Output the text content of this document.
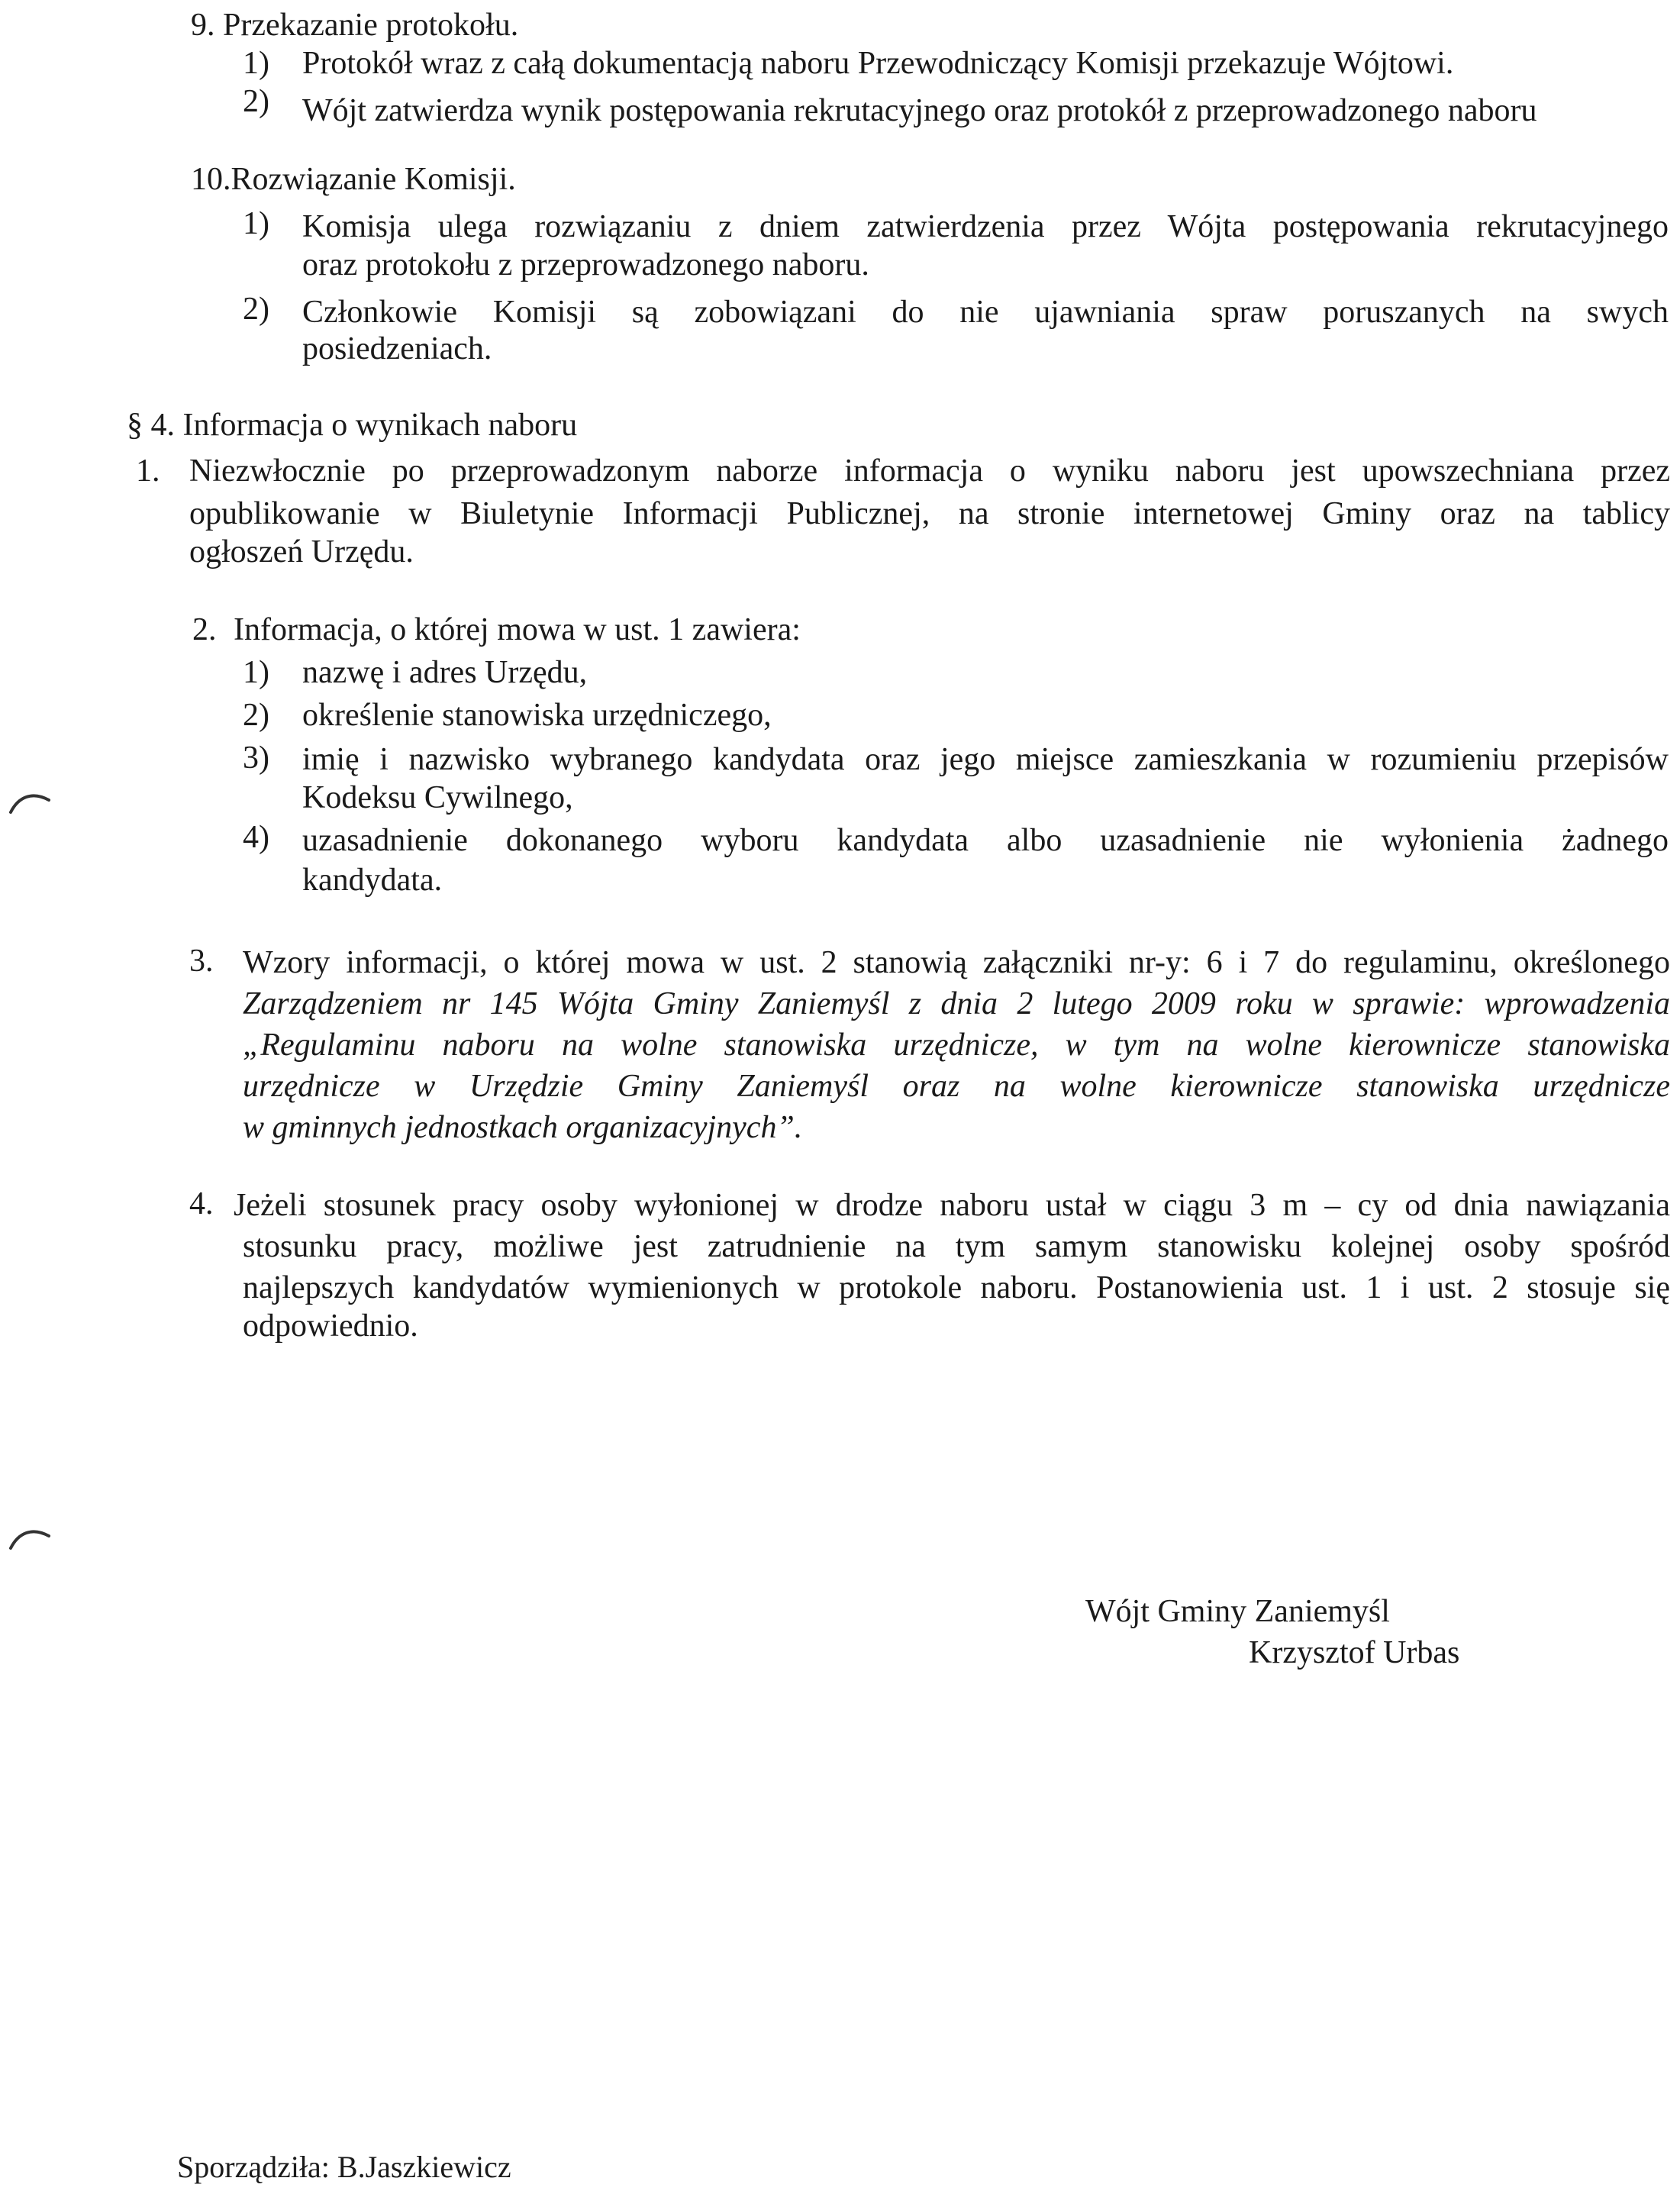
9. Przekazanie protokołu.
1) Protokół wraz z całą dokumentacją naboru Przewodniczący Komisji przekazuje Wójtowi.
2) Wójt zatwierdza wynik postępowania rekrutacyjnego oraz protokół z przeprowadzonego naboru
10.Rozwiązanie Komisji.
1) Komisja ulega rozwiązaniu z dniem zatwierdzenia przez Wójta postępowania rekrutacyjnego
oraz protokołu z przeprowadzonego naboru.
2) Członkowie Komisji są zobowiązani do nie ujawniania spraw poruszanych na swych
posiedzeniach.
§ 4. Informacja o wynikach naboru
1. Niezwłocznie po przeprowadzonym naborze informacja o wyniku naboru jest upowszechniana przez
opublikowanie w Biuletynie Informacji Publicznej, na stronie internetowej Gminy oraz na tablicy
ogłoszeń Urzędu.
2. Informacja, o której mowa w ust. 1 zawiera:
1) nazwę i adres Urzędu,
2) określenie stanowiska urzędniczego,
3) imię i nazwisko wybranego kandydata oraz jego miejsce zamieszkania w rozumieniu przepisów
Kodeksu Cywilnego,
4) uzasadnienie dokonanego wyboru kandydata albo uzasadnienie nie wyłonienia żadnego
kandydata.
3. Wzory informacji, o której mowa w ust. 2 stanowią załączniki nr-y: 6 i 7 do regulaminu, określonego
Zarządzeniem nr 145 Wójta Gminy Zaniemyśl z dnia 2 lutego 2009 roku w sprawie: wprowadzenia
„Regulaminu naboru na wolne stanowiska urzędnicze, w tym na wolne kierownicze stanowiska
urzędnicze w Urzędzie Gminy Zaniemyśl oraz na wolne kierownicze stanowiska urzędnicze
w gminnych jednostkach organizacyjnych”.
4. Jeżeli stosunek pracy osoby wyłonionej w drodze naboru ustał w ciągu 3 m – cy od dnia nawiązania
stosunku pracy, możliwe jest zatrudnienie na tym samym stanowisku kolejnej osoby spośród
najlepszych kandydatów wymienionych w protokole naboru. Postanowienia ust. 1 i ust. 2 stosuje się
odpowiednio.
Wójt Gminy Zaniemyśl
Krzysztof Urbas
Sporządziła: B.Jaszkiewicz
